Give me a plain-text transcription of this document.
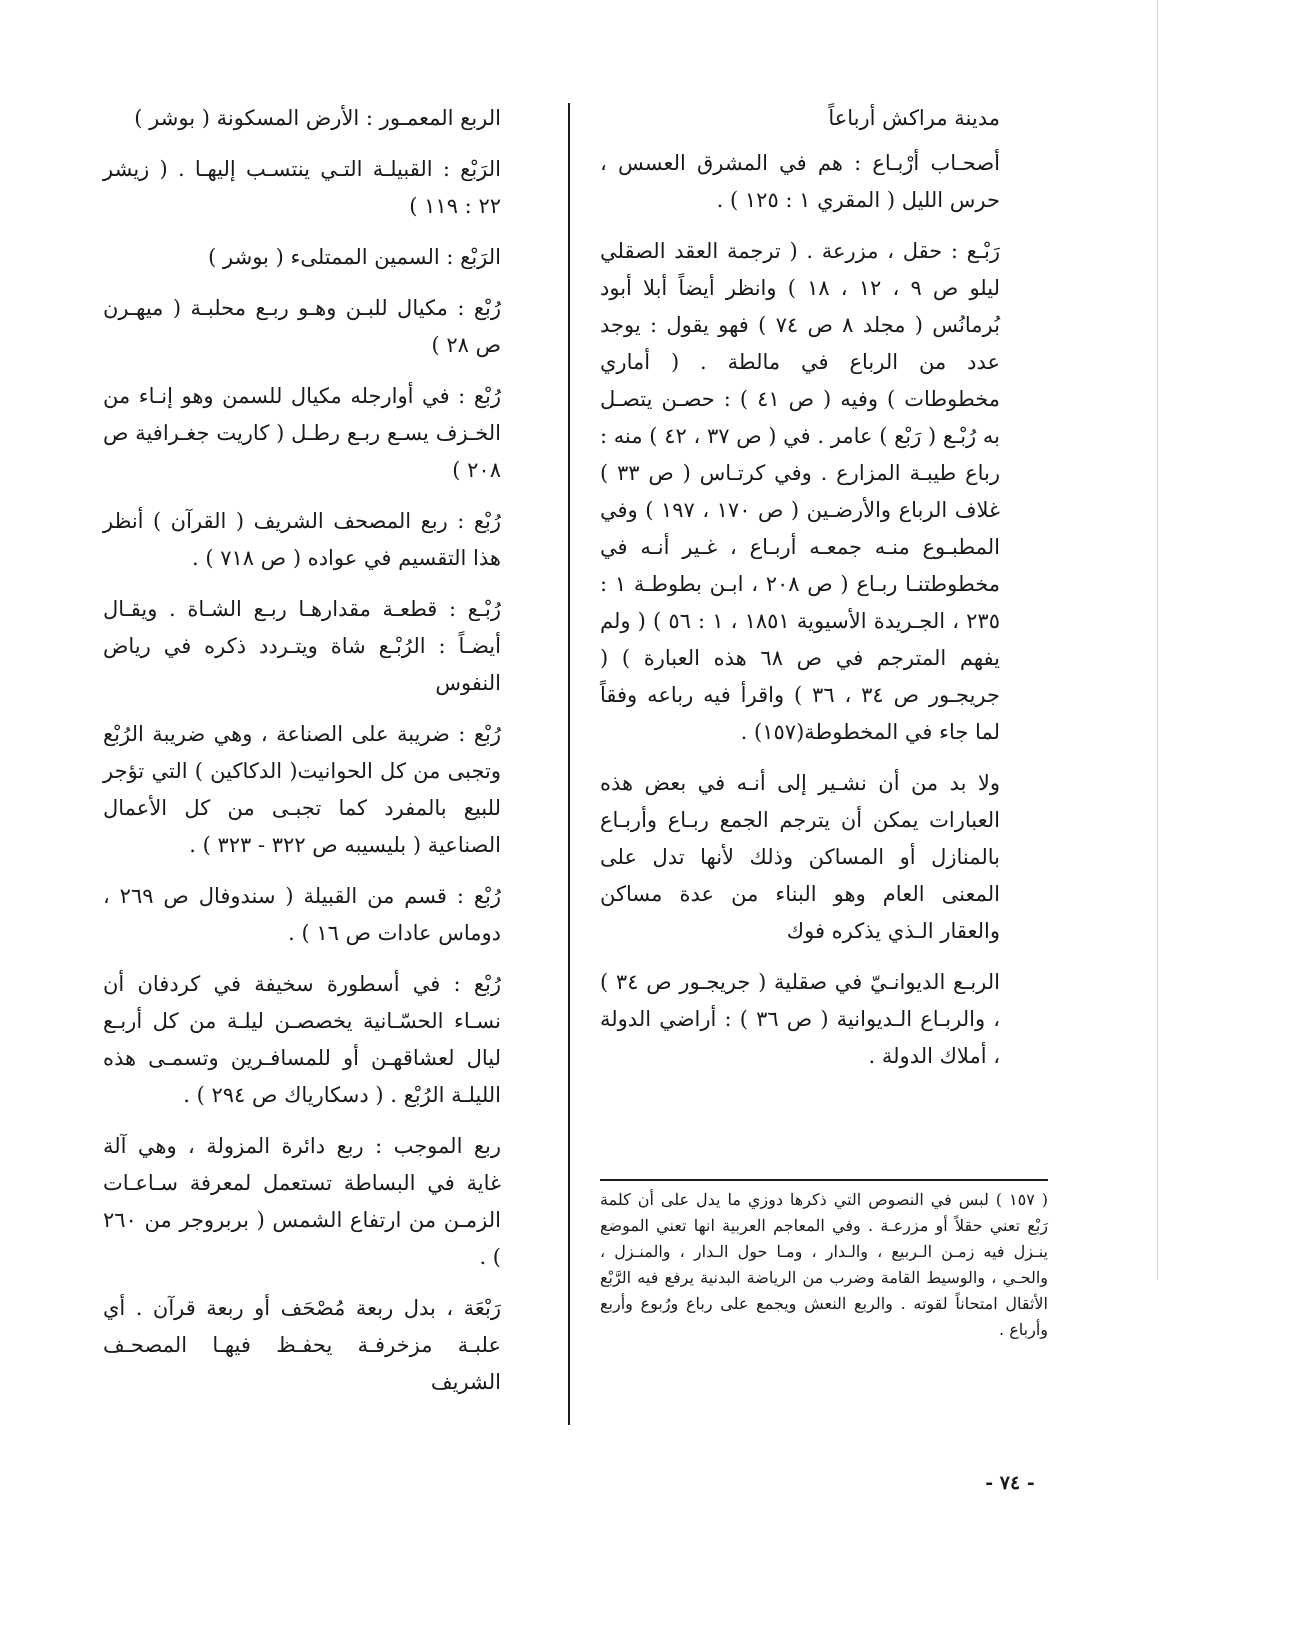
مدينة مراكش أرباعاً

أصحـاب أرْبـاع : هم في المشرق العسس ، حرس الليل ( المقري ١ : ١٢٥ ) .

رَبْـع : حقل ، مزرعة . ( ترجمة العقد الصقلي ليلو ص ٩ ، ١٢ ، ١٨ ) وانظر أيضاً أبلا أبود بُرمانُس ( مجلد ٨ ص ٧٤ ) فهو يقول : يوجد عدد من الرباع في مالطة . ( أماري مخطوطات ) وفيه ( ص ٤١ ) : حصـن يتصـل به رُبْـع ( رَبْع ) عامر . في ( ص ٣٧ ، ٤٢ ) منه : رباع طيبـة المزارع . وفي كرتـاس ( ص ٣٣ ) غلاف الرباع والأرضـين ( ص ١٧٠ ، ١٩٧ ) وفي المطبـوع منـه جمعـه أربـاع ، غـير أنـه في مخطوطتنـا ربـاع ( ص ٢٠٨ ، ابـن بطوطـة ١ : ٢٣٥ ، الجـريدة الأسيوية ١٨٥١ ، ١ : ٥٦ ) ( ولم يفهم المترجم في ص ٦٨ هذه العبارة ) ( جريجـور ص ٣٤ ، ٣٦ ) واقرأ فيه رباعه وفقاً لما جاء في المخطوطة(١٥٧) .

ولا بد من أن نشـير إلى أنـه في بعض هذه العبارات يمكن أن يترجم الجمع ربـاع وأربـاع بالمنازل أو المساكن وذلك لأنها تدل على المعنى العام وهو البناء من عدة مساكن والعقار الـذي يذكره فوك

الربـع الديوانـيّ في صقلية ( جريجـور ص ٣٤ ) ، والربـاع الـديوانية ( ص ٣٦ ) : أراضي الدولة ، أملاك الدولة .

الربع المعمـور : الأرض المسكونة ( بوشر )

الرَبْع : القبيلـة التـي ينتسـب إليهـا . ( زيشر ٢٢ : ١١٩ )

الرَبْع : السمين الممتلىء ( بوشر )

رُبْع : مكيال للبـن وهـو ربـع محلبـة ( ميهـرن ص ٢٨ )

رُبْع : في أوارجله مكيال للسمن وهو إنـاء من الخـزف يسـع ربـع رطـل ( كاريت جغـرافية ص ٢٠٨ )

رُبْع : ربع المصحف الشريف ( القرآن ) أنظر هذا التقسيم في عواده ( ص ٧١٨ ) .

رُبْـع : قطعـة مقدارهـا ربـع الشـاة . ويقـال أيضـاً : الرُبْـع شاة ويتـردد ذكره في رياض النفوس

رُبْع : ضريبة على الصناعة ، وهي ضريبة الرُبْع وتجبى من كل الحوانيت( الدكاكين ) التي تؤجر للبيع بالمفرد كما تجبـى من كل الأعمال الصناعية ( بليسيبه ص ٣٢٢ - ٣٢٣ ) .

رُبْع : قسم من القبيلة ( سندوفال ص ٢٦٩ ، دوماس عادات ص ١٦ ) .

رُبْع : في أسطورة سخيفة في كردفان أن نسـاء الحسّـانية يخصصـن ليلـة من كل أربـع ليال لعشاقهـن أو للمسافـرين وتسمـى هذه الليلـة الرُبْع . ( دسكارياك ص ٢٩٤ ) .

ربع الموجب : ربع دائرة المزولة ، وهي آلة غاية في البساطة تستعمل لمعرفة سـاعـات الزمـن من ارتفاع الشمس ( بربروجر من ٢٦٠ ) .

رَبْعَة ، بدل ربعة مُصْحَف أو ربعة قرآن . أي علبـة مزخرفـة يحفـظ فيهـا المصحـف الشريف

( ١٥٧ ) لبس في النصوص التي ذكرها دوزي ما يدل على أن كلمة رَبْع تعني حقلاً أو مزرعـة . وفي المعاجم العربية انها تعني الموضع ينـزل فيه زمـن الـربيع ، والـدار ، ومـا حول الـدار ، والمنـزل ، والحـي ، والوسيط القامة وضرب من الرياضة البدنية يرفع فيه الرَّبْع الأثقال امتحاناً لقوته . والربع النعش ويجمع على رباع ورُبوع وأربع وأرباع .
- ٧٤ -
